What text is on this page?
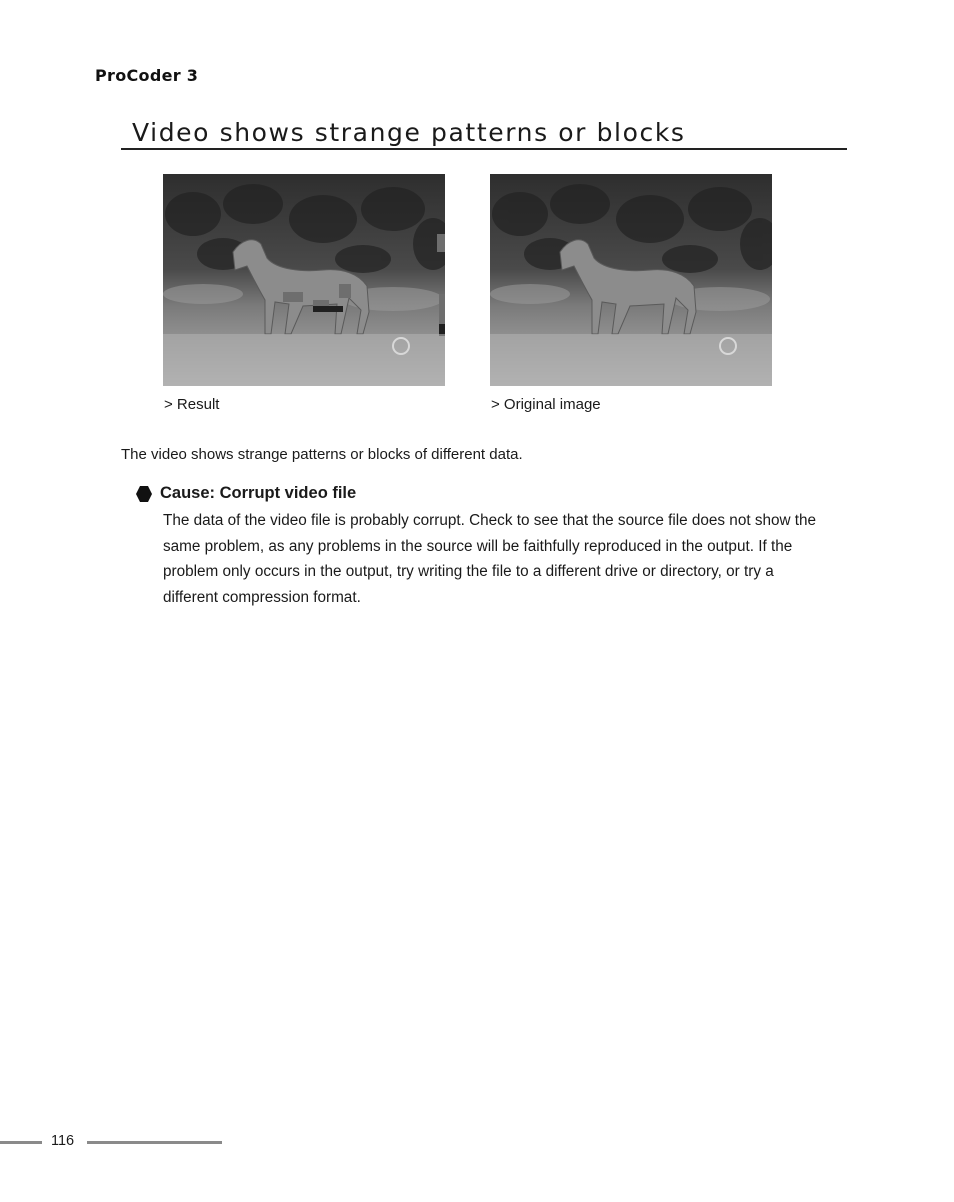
ProCoder 3
Video shows strange patterns or blocks
> Result	> Original image

The video shows strange patterns or blocks of different data.

Cause: Corrupt video file

The data of the video file is probably corrupt. Check to see that the source file does not show the same problem, as any problems in the source will be faithfully reproduced in the output. If the problem only occurs in the output, try writing the file to a different drive or directory, or try a different compression format.

116
